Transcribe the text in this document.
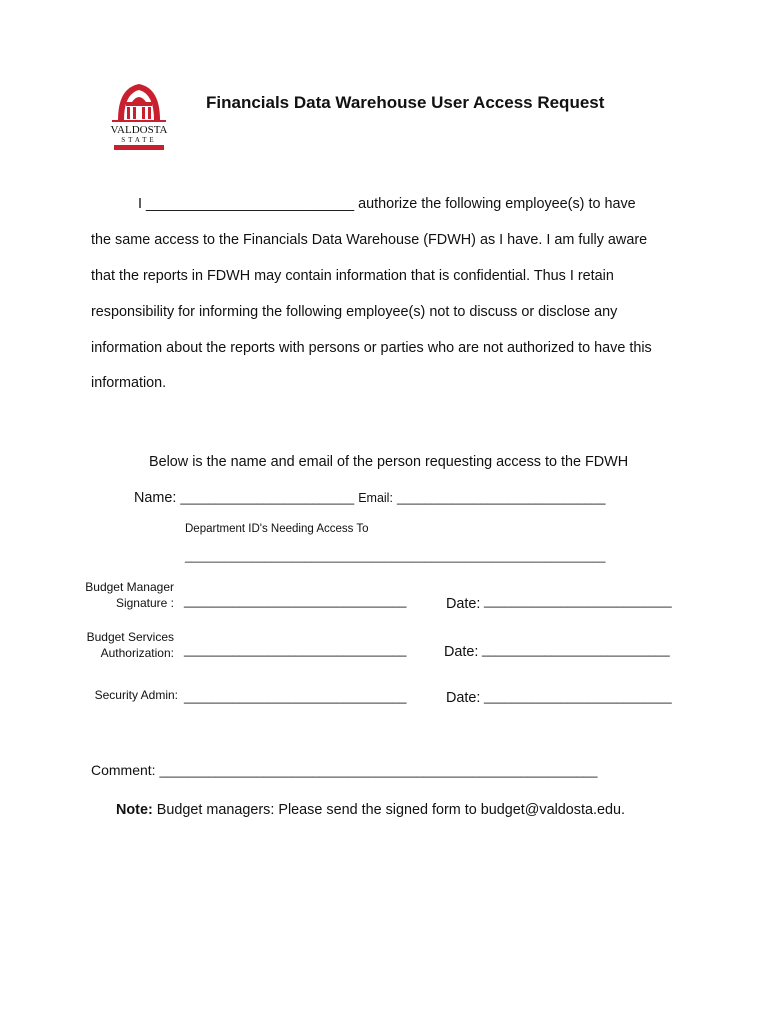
VALDOSTA
STATE
Financials Data Warehouse User Access Request
I __________________________ authorize the following employee(s) to have
the same access to the Financials Data Warehouse (FDWH) as I have. I am fully aware
that the reports in FDWH may contain information that is confidential. Thus I retain
responsibility for informing the following employee(s) not to discuss or disclose any
information about the reports with persons or parties who are not authorized to have this
information.
Below is the name and email of the person requesting access to the FDWH
Name: _________________________ Email: ______________________________
Department ID's Needing Access To
_______________________________________________________________
Budget Manager
Signature : ________________________________	Date: ___________________________
Budget Services
Authorization: ________________________________	Date: ___________________________
Security Admin: ________________________________	Date: ___________________________
Comment: _______________________________________________________________
Note: Budget managers: Please send the signed form to budget@valdosta.edu.
